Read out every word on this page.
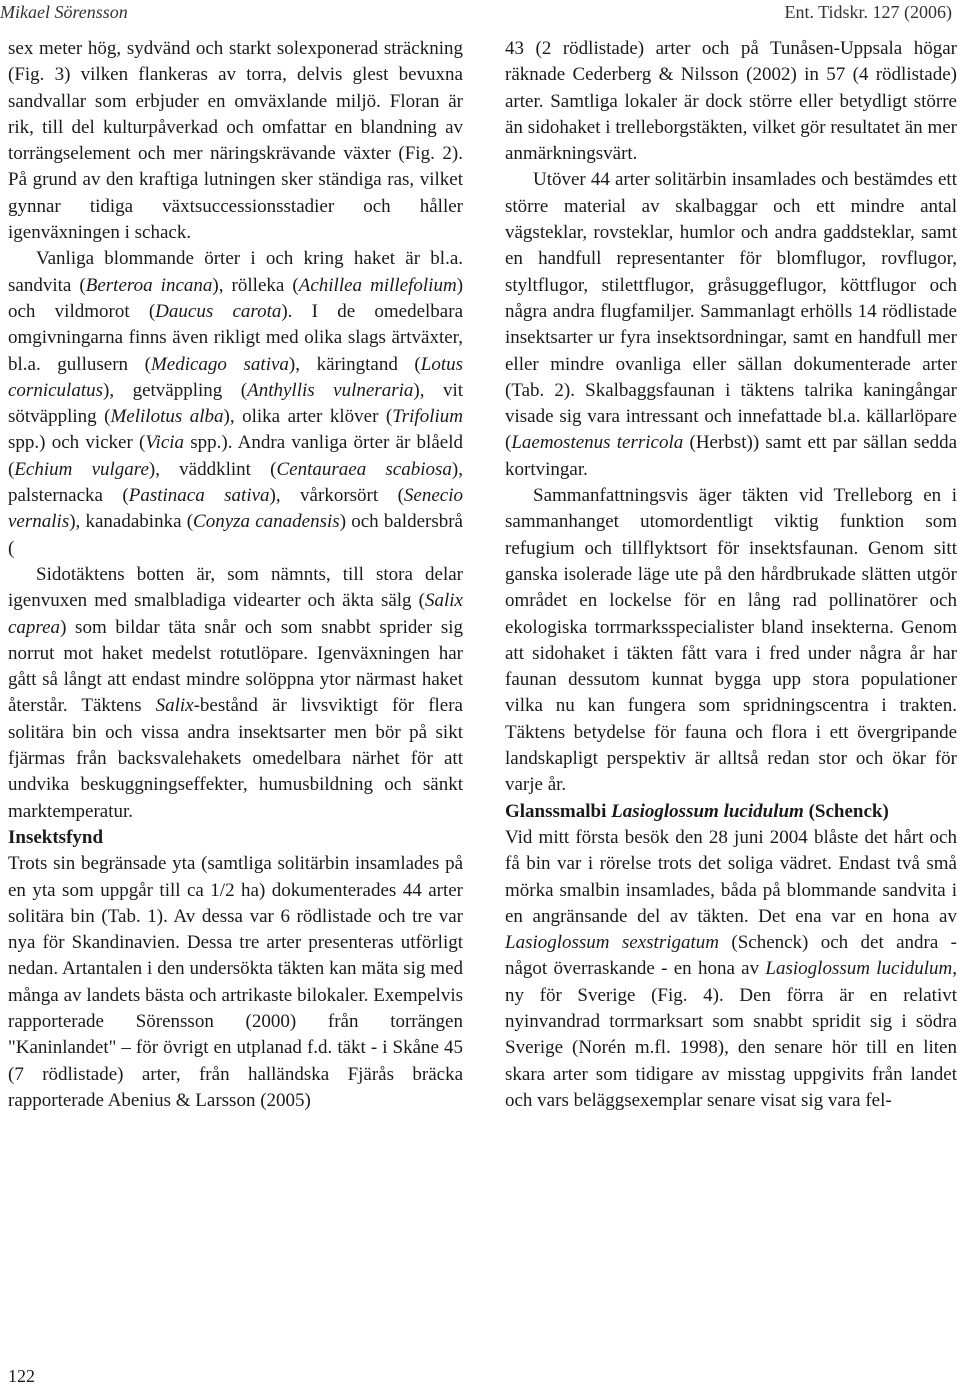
Mikael Sörensson	Ent. Tidskr. 127 (2006)

sex meter hög, sydvänd och starkt solexponerad sträckning (Fig. 3) vilken flankeras av torra, delvis glest bevuxna sandvallar som erbjuder en omväxlande miljö. Floran är rik, till del kulturpåverkad och omfattar en blandning av torrängselement och mer näringskrävande växter (Fig. 2). På grund av den kraftiga lutningen sker ständiga ras, vilket gynnar tidiga växtsuccessionsstadier och håller igenväxningen i schack.

Vanliga blommande örter i och kring haket är bl.a. sandvita (Berteroa incana), rölleka (Achillea millefolium) och vildmorot (Daucus carota). I de omedelbara omgivningarna finns även rikligt med olika slags ärtväxter, bl.a. gullusern (Medicago sativa), käringtand (Lotus corniculatus), getväppling (Anthyllis vulneraria), vit sötväppling (Melilotus alba), olika arter klöver (Trifolium spp.) och vicker (Vicia spp.). Andra vanliga örter är blåeld (Echium vulgare), väddklint (Centauraea scabiosa), palsternacka (Pastinaca sativa), vårkorsört (Senecio vernalis), kanadabinka (Conyza canadensis) och baldersbrå (

Sidotäktens botten är, som nämnts, till stora delar igenvuxen med smalbladiga videarter och äkta sälg (Salix caprea) som bildar täta snår och som snabbt sprider sig norrut mot haket medelst rotutlöpare. Igenväxningen har gått så långt att endast mindre solöppna ytor närmast haket återstår. Täktens Salix-bestånd är livsviktigt för flera solitära bin och vissa andra insektsarter men bör på sikt fjärmas från backsvalehakets omedelbara närhet för att undvika beskuggningseffekter, humusbildning och sänkt marktemperatur.

Insektsfynd

Trots sin begränsade yta (samtliga solitärbin insamlades på en yta som uppgår till ca 1/2 ha) dokumenterades 44 arter solitära bin (Tab. 1). Av dessa var 6 rödlistade och tre var nya för Skandinavien. Dessa tre arter presenteras utförligt nedan. Artantalen i den undersökta täkten kan mäta sig med många av landets bästa och artrikaste bilokaler. Exempelvis rapporterade Sörensson (2000) från torrängen "Kaninlandet" – för övrigt en utplanad f.d. täkt - i Skåne 45 (7 rödlistade) arter, från halländska Fjärås bräcka rapporterade Abenius & Larsson (2005)

43 (2 rödlistade) arter och på Tunåsen-Uppsala högar räknade Cederberg & Nilsson (2002) in 57 (4 rödlistade) arter. Samtliga lokaler är dock större eller betydligt större än sidohaket i trelleborgstäkten, vilket gör resultatet än mer anmärkningsvärt.

Utöver 44 arter solitärbin insamlades och bestämdes ett större material av skalbaggar och ett mindre antal vägsteklar, rovsteklar, humlor och andra gaddsteklar, samt en handfull representanter för blomflugor, rovflugor, styltflugor, stilettflugor, gråsuggeflugor, köttflugor och några andra flugfamiljer. Sammanlagt erhölls 14 rödlistade insektsarter ur fyra insektsordningar, samt en handfull mer eller mindre ovanliga eller sällan dokumenterade arter (Tab. 2). Skalbaggsfaunan i täktens talrika kaningångar visade sig vara intressant och innefattade bl.a. källarlöpare (Laemostenus terricola (Herbst)) samt ett par sällan sedda kortvingar.

Sammanfattningsvis äger täkten vid Trelleborg en i sammanhanget utomordentligt viktig funktion som refugium och tillflyktsort för insektsfaunan. Genom sitt ganska isolerade läge ute på den hårdbrukade slätten utgör området en lockelse för en lång rad pollinatörer och ekologiska torrmarksspecialister bland insekterna. Genom att sidohaket i täkten fått vara i fred under några år har faunan dessutom kunnat bygga upp stora populationer vilka nu kan fungera som spridningscentra i trakten. Täktens betydelse för fauna och flora i ett övergripande landskapligt perspektiv är alltså redan stor och ökar för varje år.

Glanssmalbi Lasioglossum lucidulum (Schenck)

Vid mitt första besök den 28 juni 2004 blåste det hårt och få bin var i rörelse trots det soliga vädret. Endast två små mörka smalbin insamlades, båda på blommande sandvita i en angränsande del av täkten. Det ena var en hona av Lasioglossum sexstrigatum (Schenck) och det andra - något överraskande - en hona av Lasioglossum lucidulum, ny för Sverige (Fig. 4). Den förra är en relativt nyinvandrad torrmarksart som snabbt spridit sig i södra Sverige (Norén m.fl. 1998), den senare hör till en liten skara arter som tidigare av misstag uppgivits från landet och vars beläggsexemplar senare visat sig vara fel-

122
